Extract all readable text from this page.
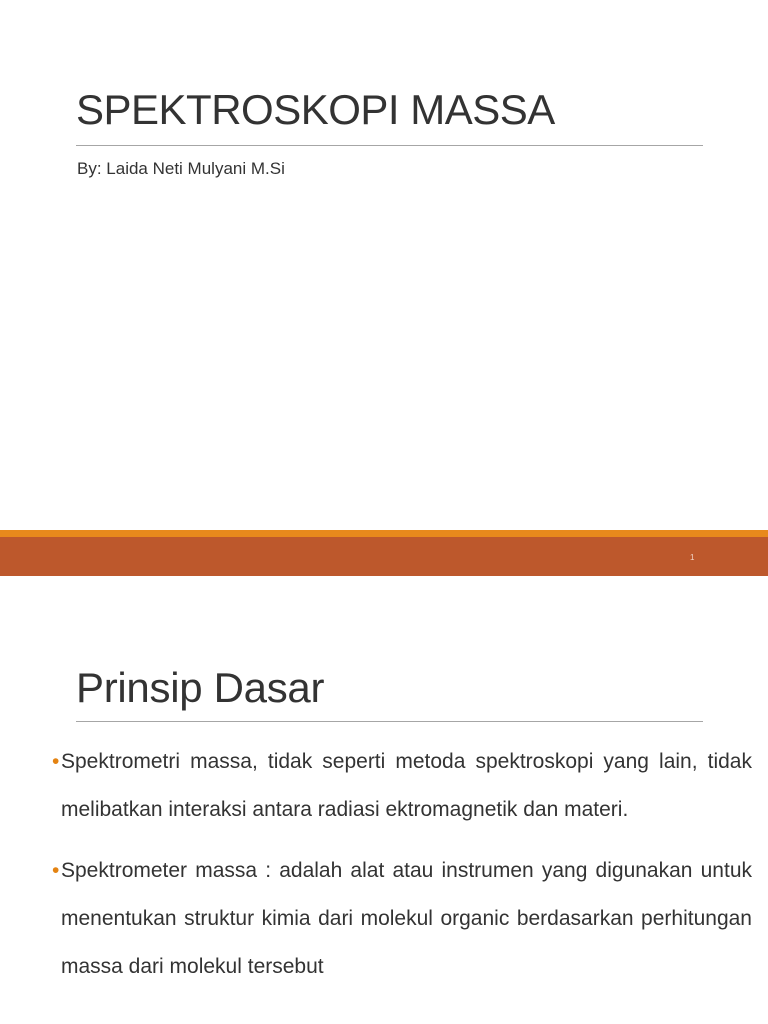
SPEKTROSKOPI MASSA
By: Laida Neti Mulyani M.Si
1
Prinsip Dasar
• Spektrometri massa, tidak seperti metoda spektroskopi yang lain, tidak melibatkan interaksi antara radiasi ektromagnetik dan materi.
• Spektrometer massa : adalah alat atau instrumen yang digunakan untuk menentukan struktur kimia dari molekul organic berdasarkan perhitungan massa dari molekul tersebut
